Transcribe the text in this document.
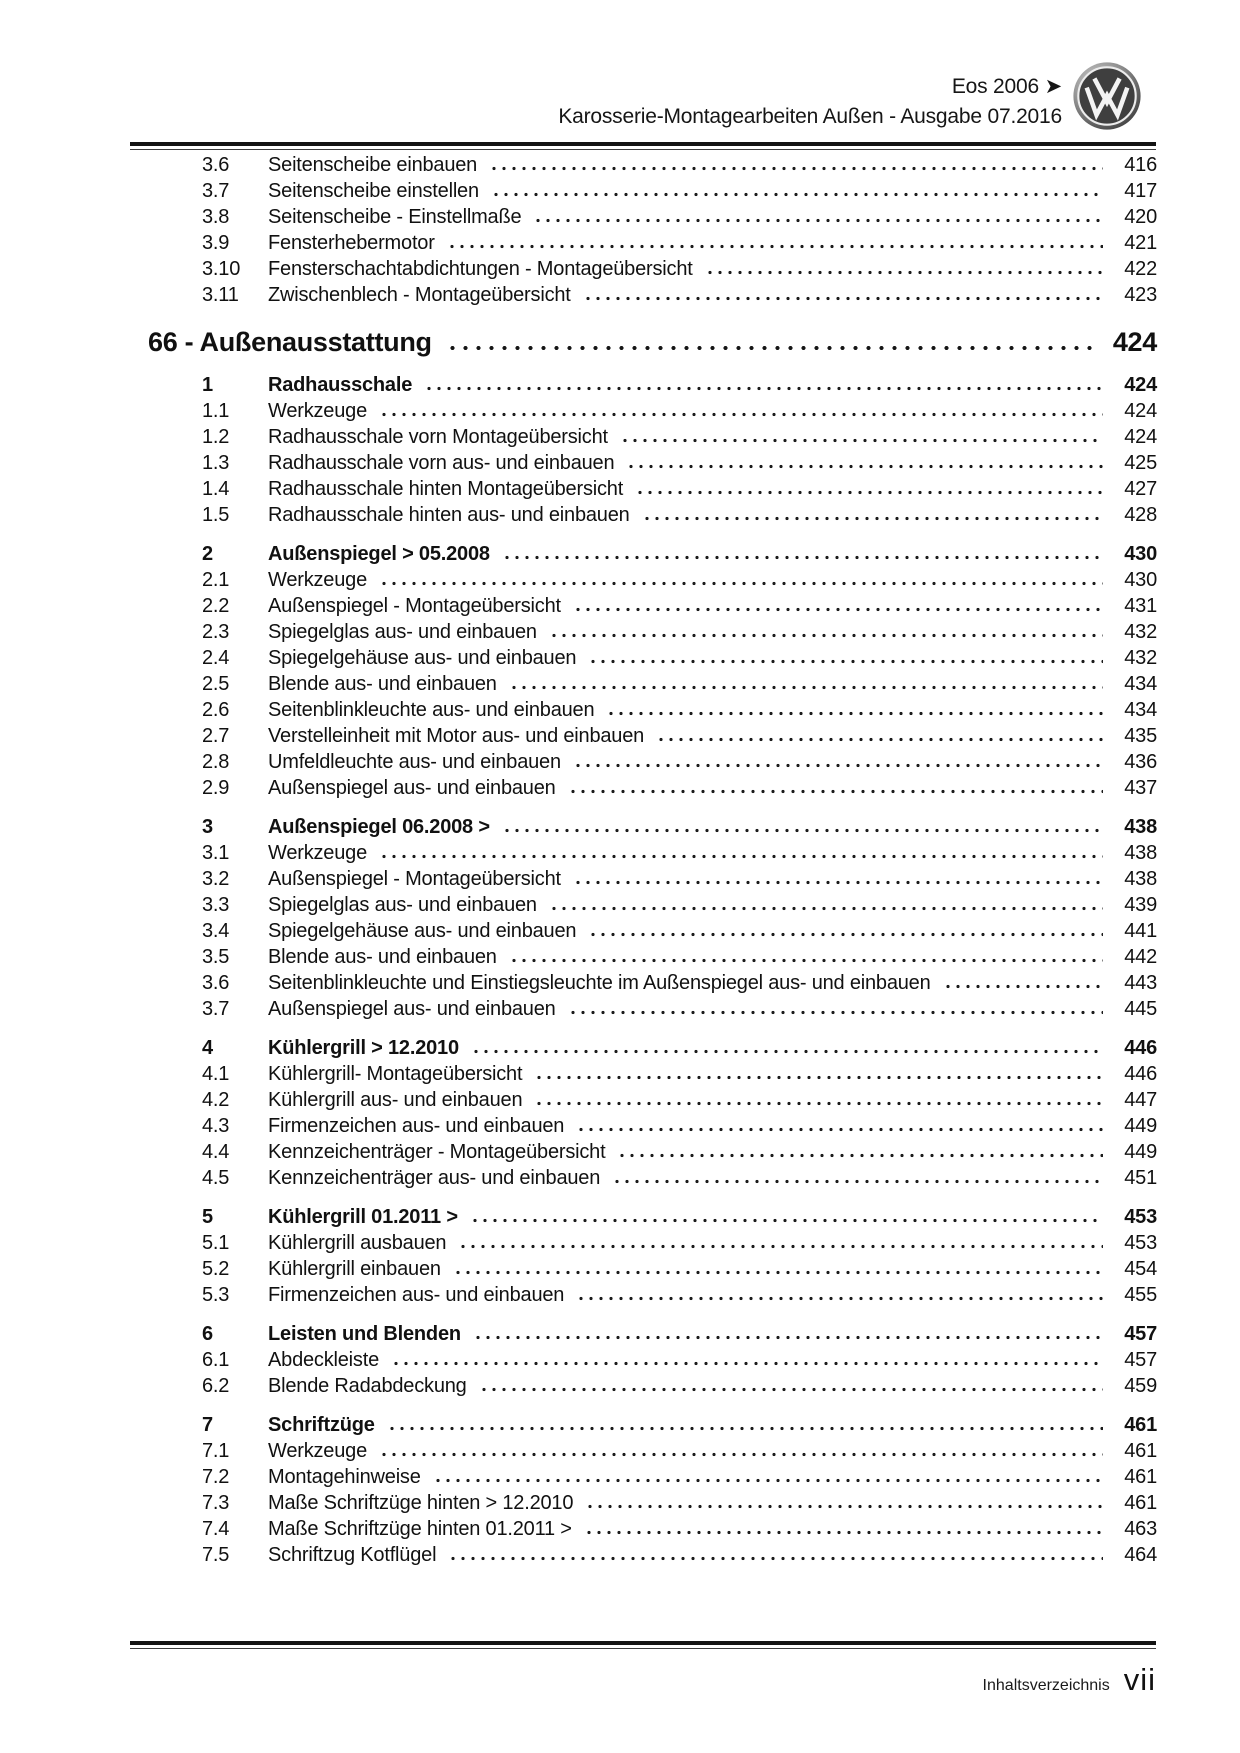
Eos 2006 ➤
Karosserie-Montagearbeiten Außen - Ausgabe 07.2016
3.6	Seitenscheibe einbauen	416
3.7	Seitenscheibe einstellen	417
3.8	Seitenscheibe - Einstellmaße	420
3.9	Fensterhebermotor	421
3.10	Fensterschachtabdichtungen - Montageübersicht	422
3.11	Zwischenblech - Montageübersicht	423
66 - Außenausstattung	424
1	Radhausschale	424
1.1	Werkzeuge	424
1.2	Radhausschale vorn Montageübersicht	424
1.3	Radhausschale vorn aus- und einbauen	425
1.4	Radhausschale hinten Montageübersicht	427
1.5	Radhausschale hinten aus- und einbauen	428
2	Außenspiegel > 05.2008	430
2.1	Werkzeuge	430
2.2	Außenspiegel - Montageübersicht	431
2.3	Spiegelglas aus- und einbauen	432
2.4	Spiegelgehäuse aus- und einbauen	432
2.5	Blende aus- und einbauen	434
2.6	Seitenblinkleuchte aus- und einbauen	434
2.7	Verstelleinheit mit Motor aus- und einbauen	435
2.8	Umfeldleuchte aus- und einbauen	436
2.9	Außenspiegel aus- und einbauen	437
3	Außenspiegel 06.2008 >	438
3.1	Werkzeuge	438
3.2	Außenspiegel - Montageübersicht	438
3.3	Spiegelglas aus- und einbauen	439
3.4	Spiegelgehäuse aus- und einbauen	441
3.5	Blende aus- und einbauen	442
3.6	Seitenblinkleuchte und Einstiegsleuchte im Außenspiegel aus- und einbauen	443
3.7	Außenspiegel aus- und einbauen	445
4	Kühlergrill > 12.2010	446
4.1	Kühlergrill- Montageübersicht	446
4.2	Kühlergrill aus- und einbauen	447
4.3	Firmenzeichen aus- und einbauen	449
4.4	Kennzeichenträger - Montageübersicht	449
4.5	Kennzeichenträger aus- und einbauen	451
5	Kühlergrill 01.2011 >	453
5.1	Kühlergrill ausbauen	453
5.2	Kühlergrill einbauen	454
5.3	Firmenzeichen aus- und einbauen	455
6	Leisten und Blenden	457
6.1	Abdeckleiste	457
6.2	Blende Radabdeckung	459
7	Schriftzüge	461
7.1	Werkzeuge	461
7.2	Montagehinweise	461
7.3	Maße Schriftzüge hinten > 12.2010	461
7.4	Maße Schriftzüge hinten 01.2011 >	463
7.5	Schriftzug Kotflügel	464
Inhaltsverzeichnis vii
